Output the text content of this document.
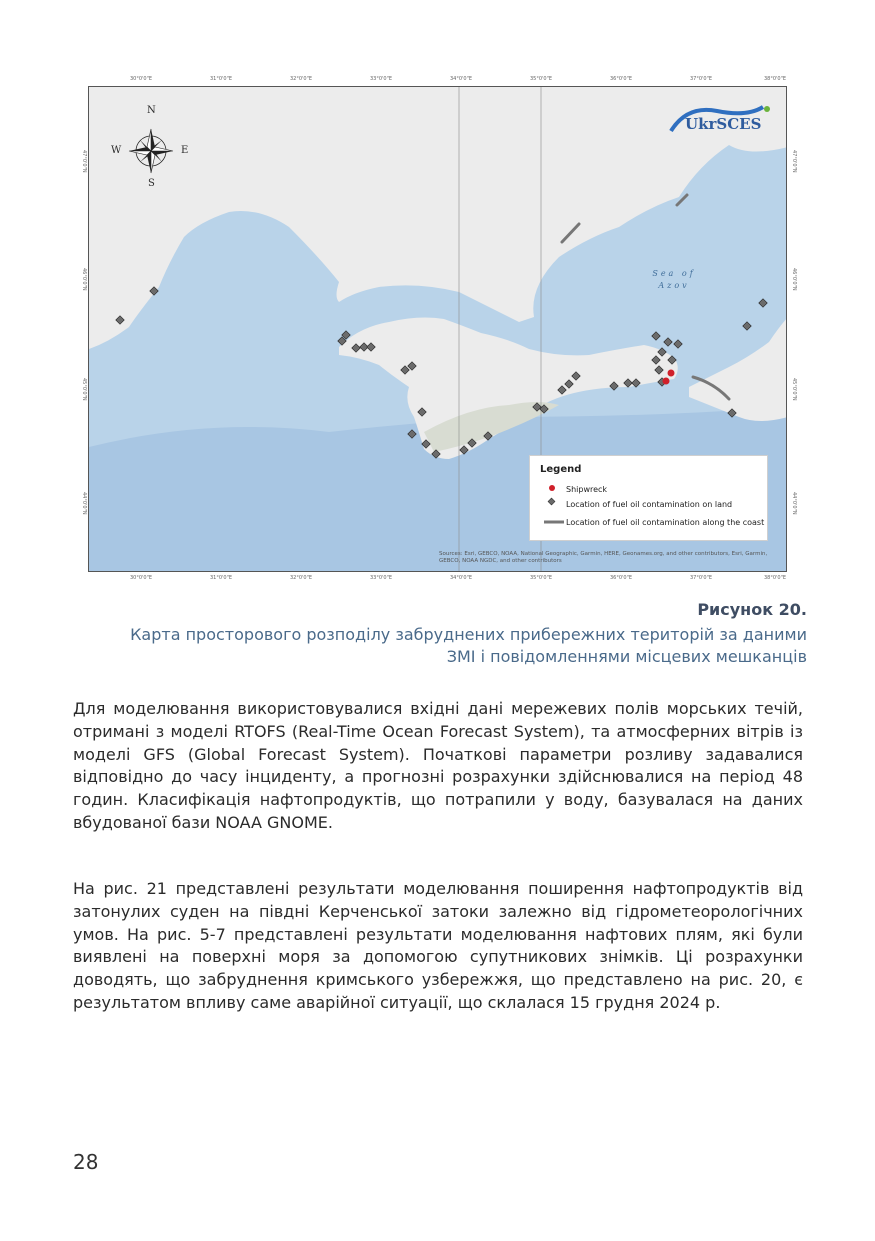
N
S
E
W
UkrSCES
Sea of
Azov
Legend
Shipwreck
Location of fuel oil contamination on land
Location of fuel oil contamination along the coast
Sources: Esri, GEBCO, NOAA, National Geographic, Garmin, HERE, Geonames.org, and other contributors, Esri, Garmin, GEBCO, NOAA NGDC, and other contributors
30°0'0"E	31°0'0"E	32°0'0"E	33°0'0"E	34°0'0"E	35°0'0"E	36°0'0"E	37°0'0"E	38°0'0"E
30°0'0"E	31°0'0"E	32°0'0"E	33°0'0"E	34°0'0"E	35°0'0"E	36°0'0"E	37°0'0"E	38°0'0"E
47°0'0"N
46°0'0"N
45°0'0"N
44°0'0"N
47°0'0"N
46°0'0"N
45°0'0"N
44°0'0"N
Рисунок 20.
Карта просторового розподілу забруднених прибережних територій за даними ЗМІ і повідомленнями місцевих мешканців
Для моделювання використовувалися вхідні дані мережевих полів морських течій, отримані з моделі RTOFS (Real-Time Ocean Forecast System), та атмосферних вітрів із моделі GFS (Global Forecast System). Початкові параметри розливу задавалися відповідно до часу інциденту, а прогнозні розрахунки здійснювалися на період 48 годин. Класифікація нафтопродуктів, що потрапили у воду, базувалася на даних вбудованої бази NOAA GNOME.
На рис. 21 представлені результати моделювання поширення нафтопродуктів від затонулих суден на півдні Керченської затоки залежно від гідрометеорологічних умов. На рис. 5-7 представлені результати моделювання нафтових плям, які були виявлені на поверхні моря за допомогою супутникових знімків. Ці розрахунки доводять, що забруднення кримського узбережжя, що представлено на рис. 20, є результатом впливу саме аварійної ситуації, що склалася 15 грудня 2024 р.
28
